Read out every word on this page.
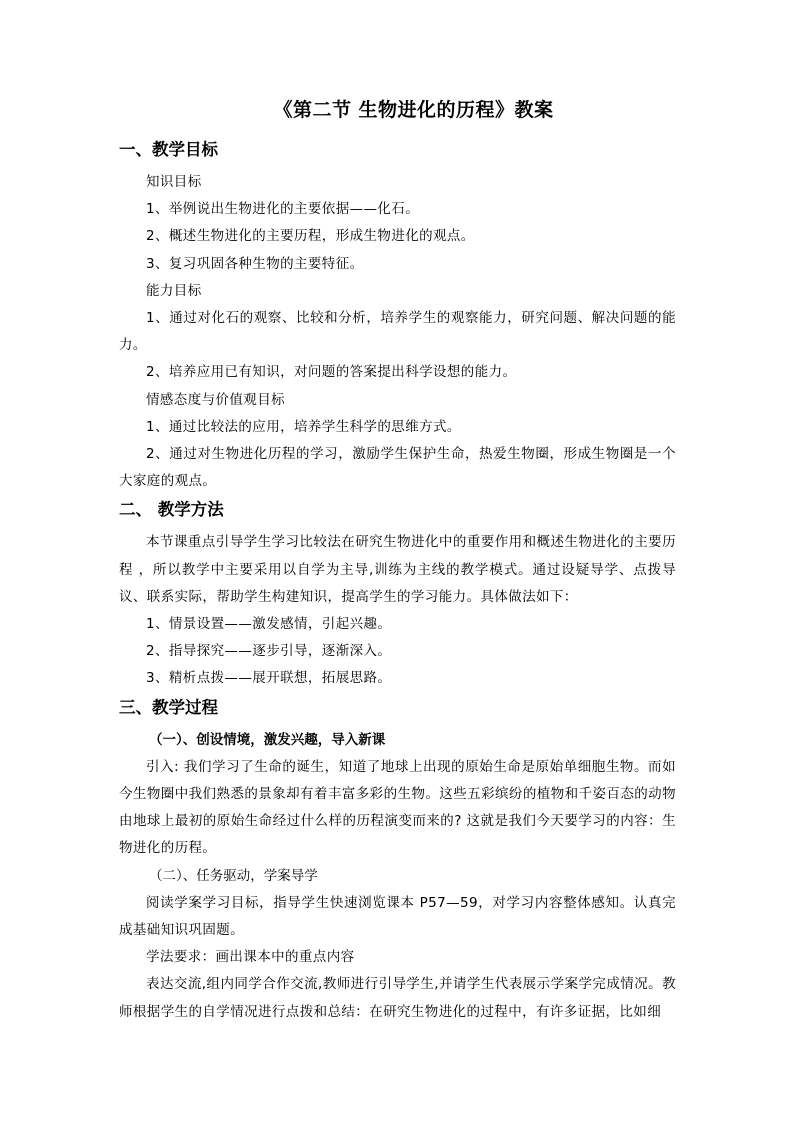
《第二节 生物进化的历程》教案
一、教学目标

知识目标

1、举例说出生物进化的主要依据——化石。

2、概述生物进化的主要历程，形成生物进化的观点。

3、复习巩固各种生物的主要特征。

能力目标

1、通过对化石的观察、比较和分析，培养学生的观察能力，研究问题、解决问题的能力。

2、培养应用已有知识，对问题的答案提出科学设想的能力。

情感态度与价值观目标

1、通过比较法的应用，培养学生科学的思维方式。

2、通过对生物进化历程的学习，激励学生保护生命，热爱生物圈，形成生物圈是一个大家庭的观点。

二、 教学方法

本节课重点引导学生学习比较法在研究生物进化中的重要作用和概述生物进化的主要历程 ，所以教学中主要采用以自学为主导,训练为主线的教学模式。通过设疑导学、点拨导议、联系实际，帮助学生构建知识，提高学生的学习能力。具体做法如下：

1、情景设置——激发感情，引起兴趣。

2、指导探究——逐步引导，逐渐深入。

3、精析点拨——展开联想，拓展思路。

三、教学过程

（一）、创设情境，激发兴趣，导入新课

引入: 我们学习了生命的诞生，知道了地球上出现的原始生命是原始单细胞生物。而如今生物圈中我们熟悉的景象却有着丰富多彩的生物。这些五彩缤纷的植物和千姿百态的动物由地球上最初的原始生命经过什么样的历程演变而来的? 这就是我们今天要学习的内容：生物进化的历程。

（二）、任务驱动，学案导学

阅读学案学习目标，指导学生快速浏览课本 P57—59，对学习内容整体感知。认真完成基础知识巩固题。

学法要求：画出课本中的重点内容

表达交流,组内同学合作交流,教师进行引导学生,并请学生代表展示学案学完成情况。教师根据学生的自学情况进行点拨和总结：在研究生物进化的过程中，有许多证据，比如细
